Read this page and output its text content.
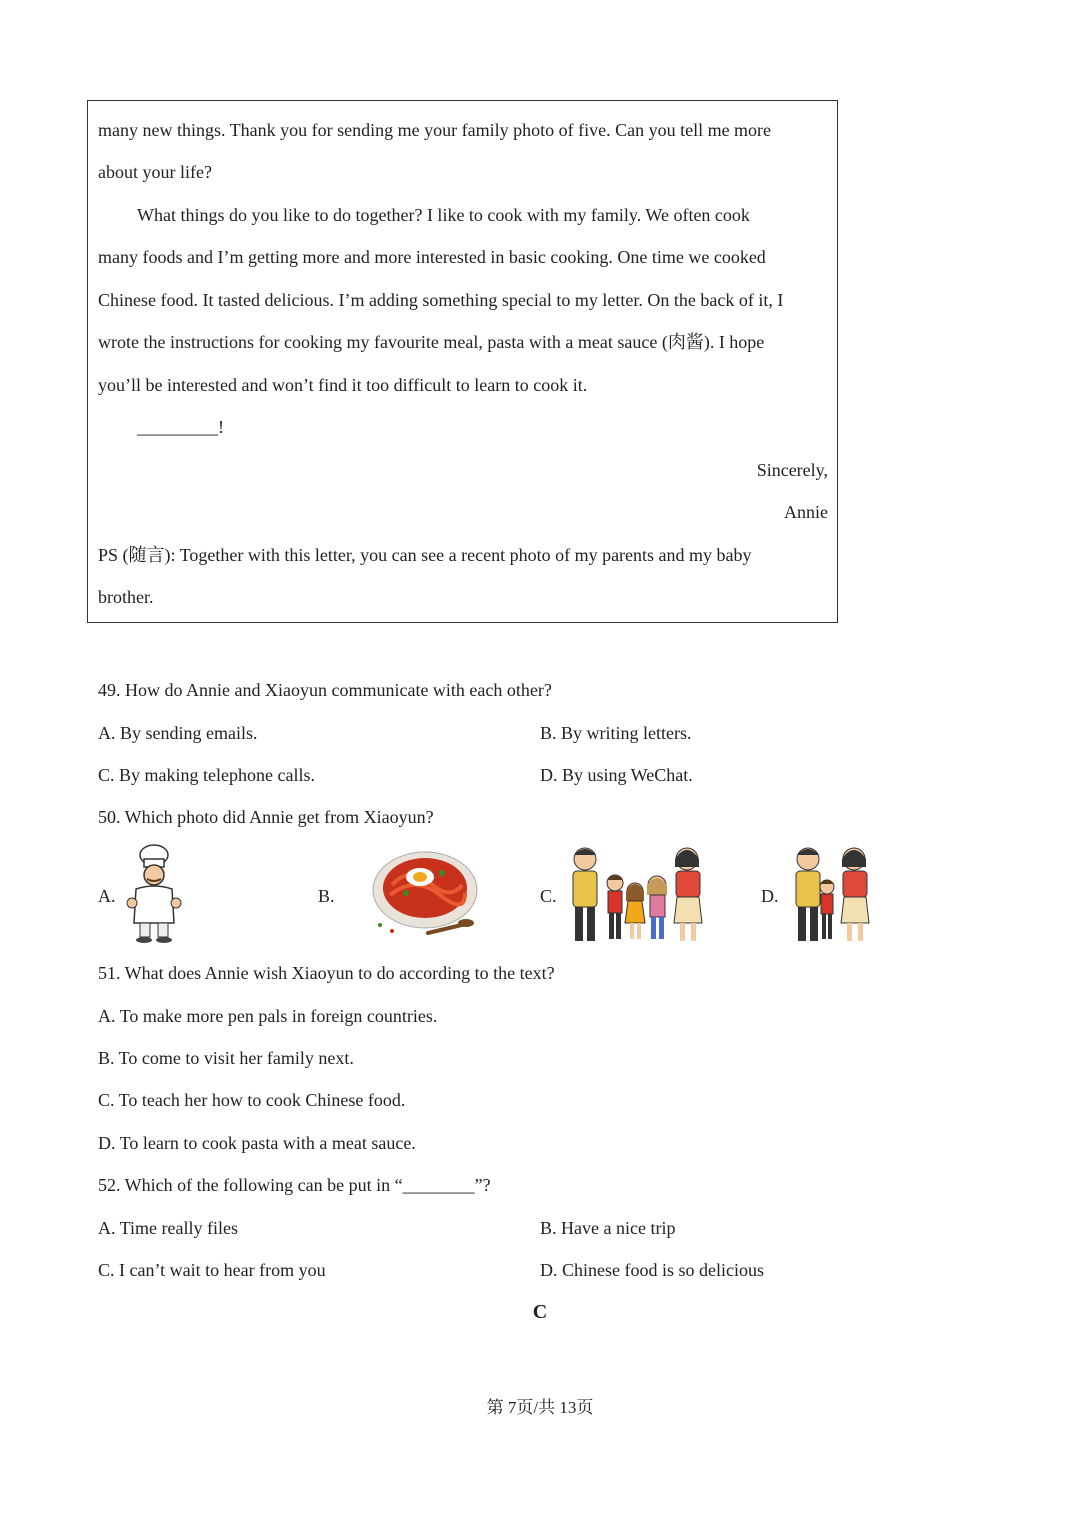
many new things. Thank you for sending me your family photo of five. Can you tell me more
about your life?
What things do you like to do together? I like to cook with my family. We often cook
many foods and I’m getting more and more interested in basic cooking. One time we cooked
Chinese food. It tasted delicious. I’m adding something special to my letter. On the back of it, I
wrote the instructions for cooking my favourite meal, pasta with a meat sauce (肉酱). I hope
you’ll be interested and won’t find it too difficult to learn to cook it.
_________!
Sincerely,
Annie
PS (随言): Together with this letter, you can see a recent photo of my parents and my baby
brother.
49. How do Annie and Xiaoyun communicate with each other?
A. By sending emails.	B. By writing letters.
C. By making telephone calls.	D. By using WeChat.
50. Which photo did Annie get from Xiaoyun?
A.	B.	C.	D.
51. What does Annie wish Xiaoyun to do according to the text?
A. To make more pen pals in foreign countries.
B. To come to visit her family next.
C. To teach her how to cook Chinese food.
D. To learn to cook pasta with a meat sauce.
52. Which of the following can be put in “________”?
A. Time really files	B. Have a nice trip
C. I can’t wait to hear from you	D. Chinese food is so delicious
C
第 7页/共 13页
